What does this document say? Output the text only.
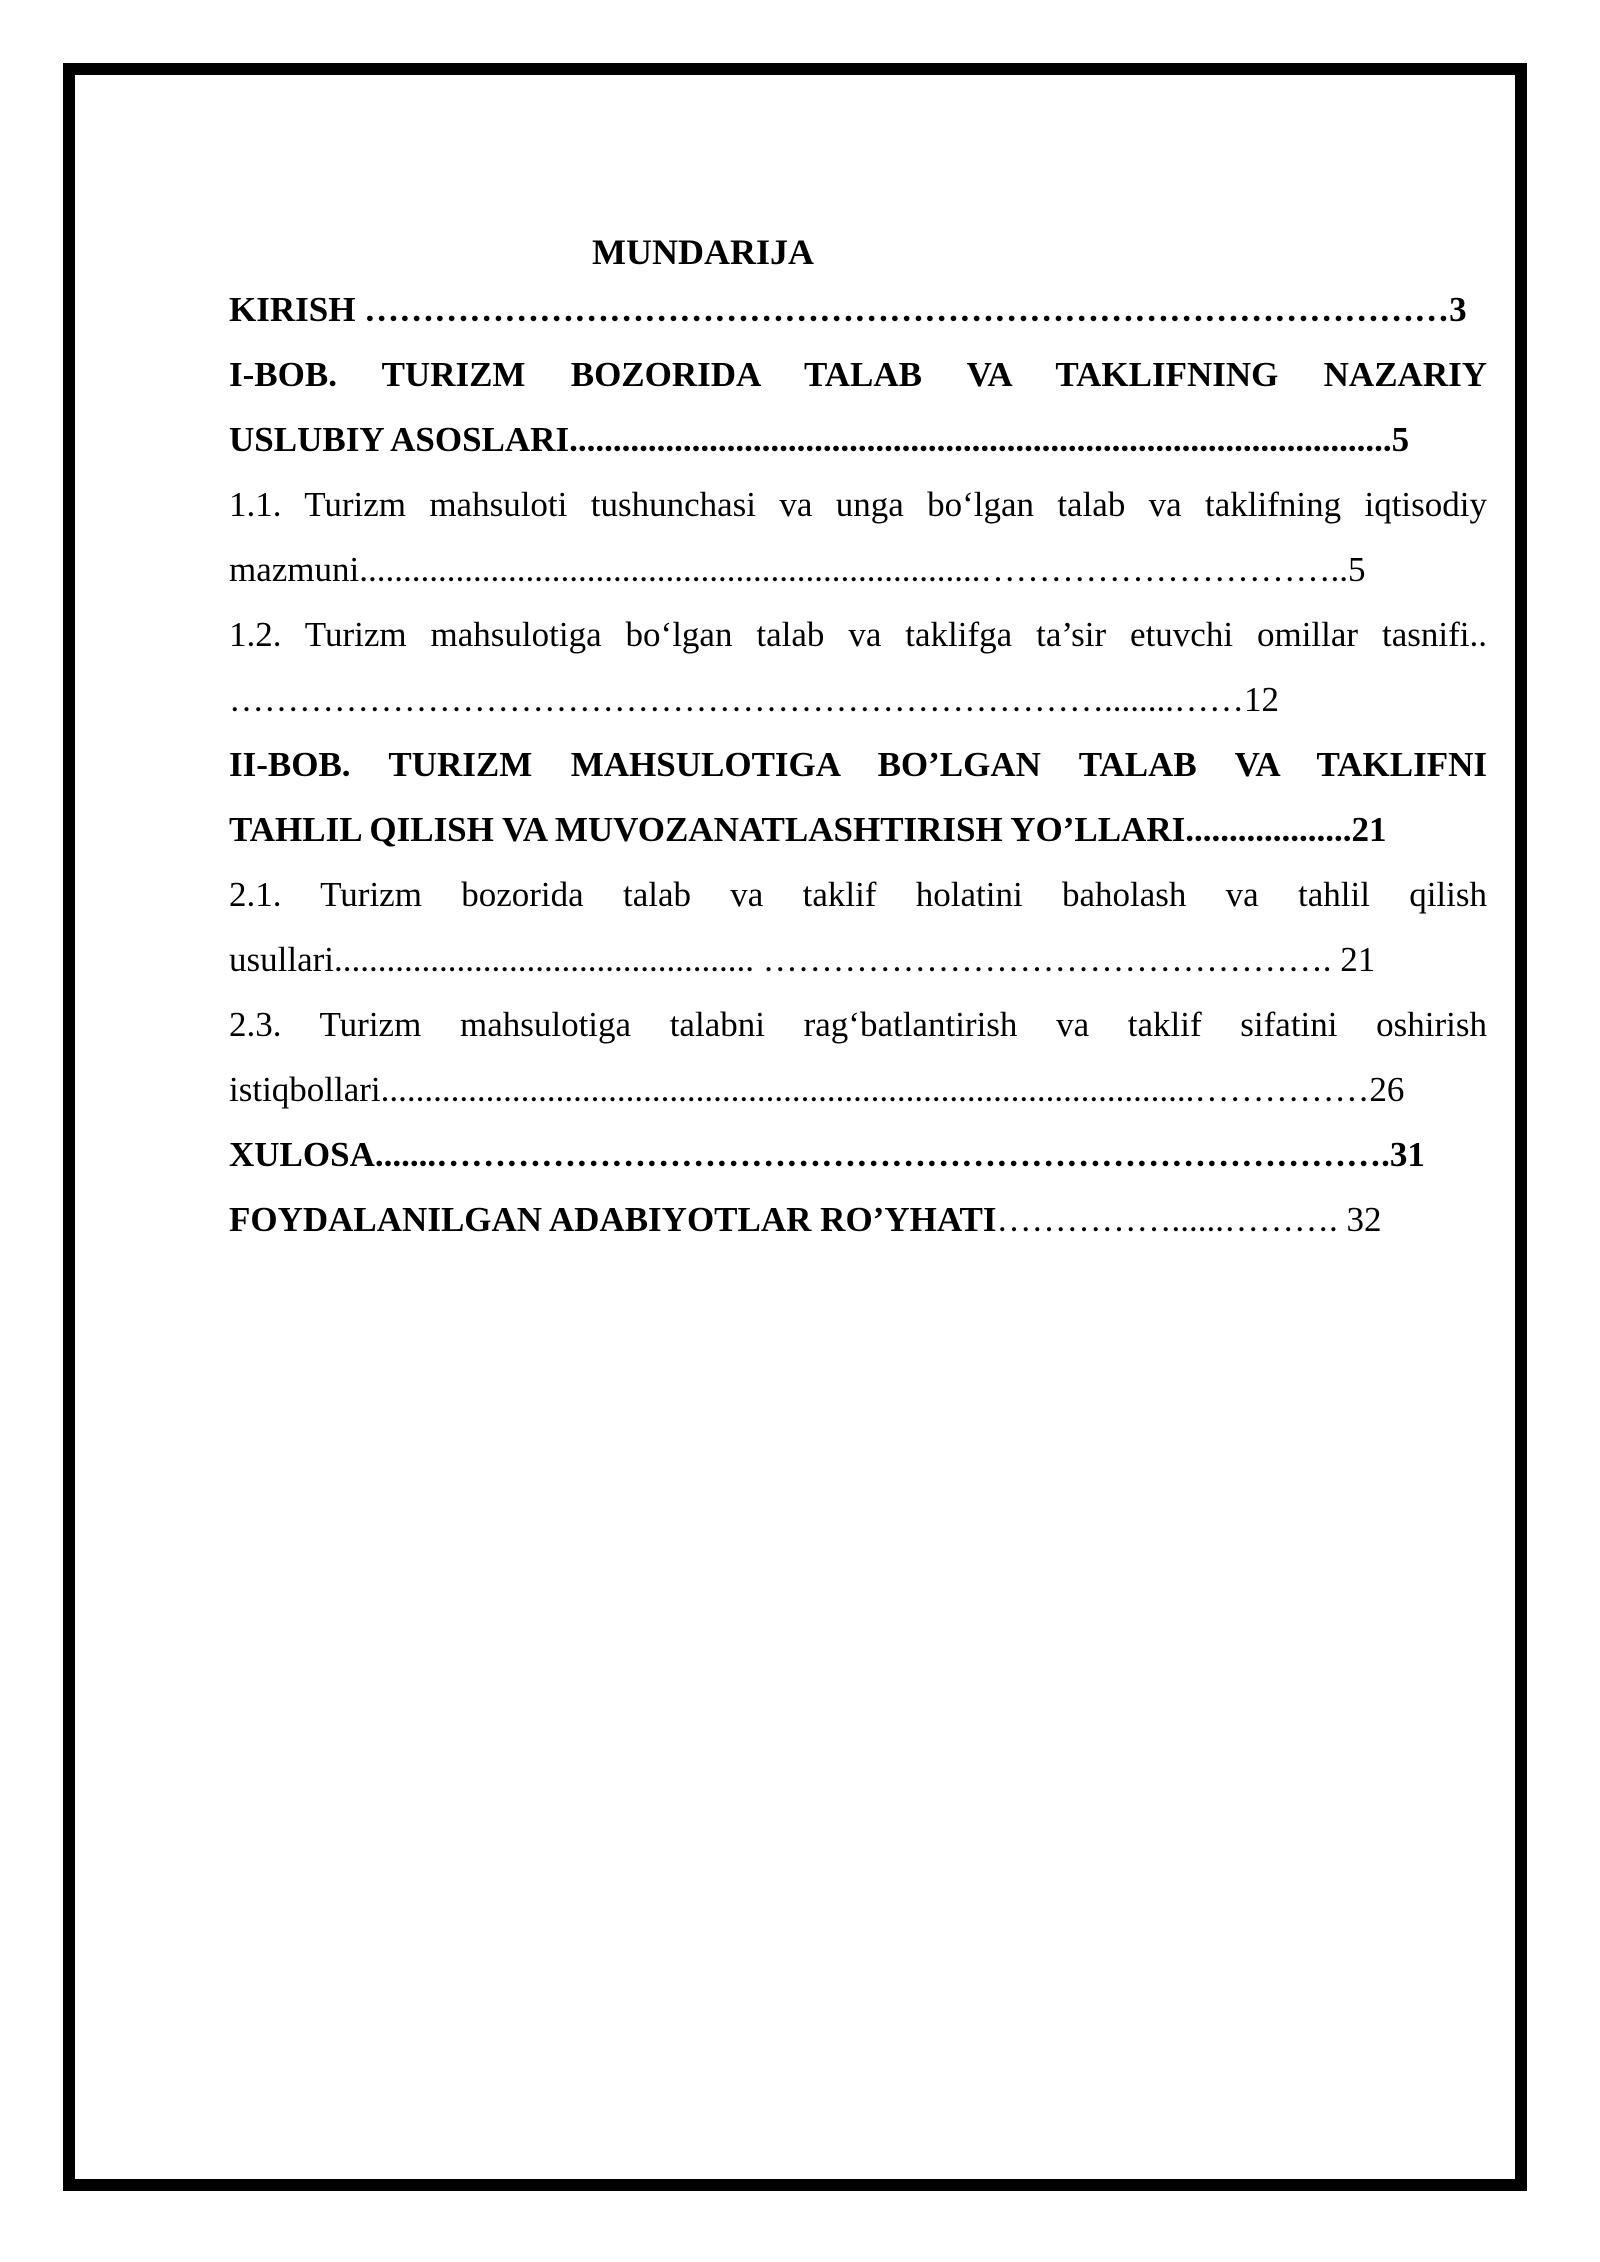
MUNDARIJA
KIRISH …………………………………………………………………………………3
I-BOB. TURIZM BOZORIDA TALAB VA TAKLIFNING NAZARIY
USLUBIY ASOSLARI..............................................................................................5
1.1. Turizm mahsuloti tushunchasi va unga bo‘lgan talab va taklifning iqtisodiy
mazmuni.......................................................................…………………………..5
1.2. Turizm mahsulotiga bo‘lgan talab va taklifga ta’sir etuvchi omillar tasnifi..
…………………………………………………………………........……12
II-BOB. TURIZM MAHSULOTIGA BO’LGAN TALAB VA TAKLIFNI
TAHLIL QILISH VA MUVOZANATLASHTIRISH YO’LLARI...................21
2.1. Turizm bozorida talab va taklif holatini baholash va tahlil qilish
usullari................................................ …………………………………………. 21
2.3. Turizm mahsulotiga talabni rag‘batlantirish va taklif sifatini oshirish
istiqbollari.............................................................................................……………26
XULOSA.......……………………………………………………………………….31
FOYDALANILGAN ADABIYOTLAR RO’YHATI……………......………. 32
